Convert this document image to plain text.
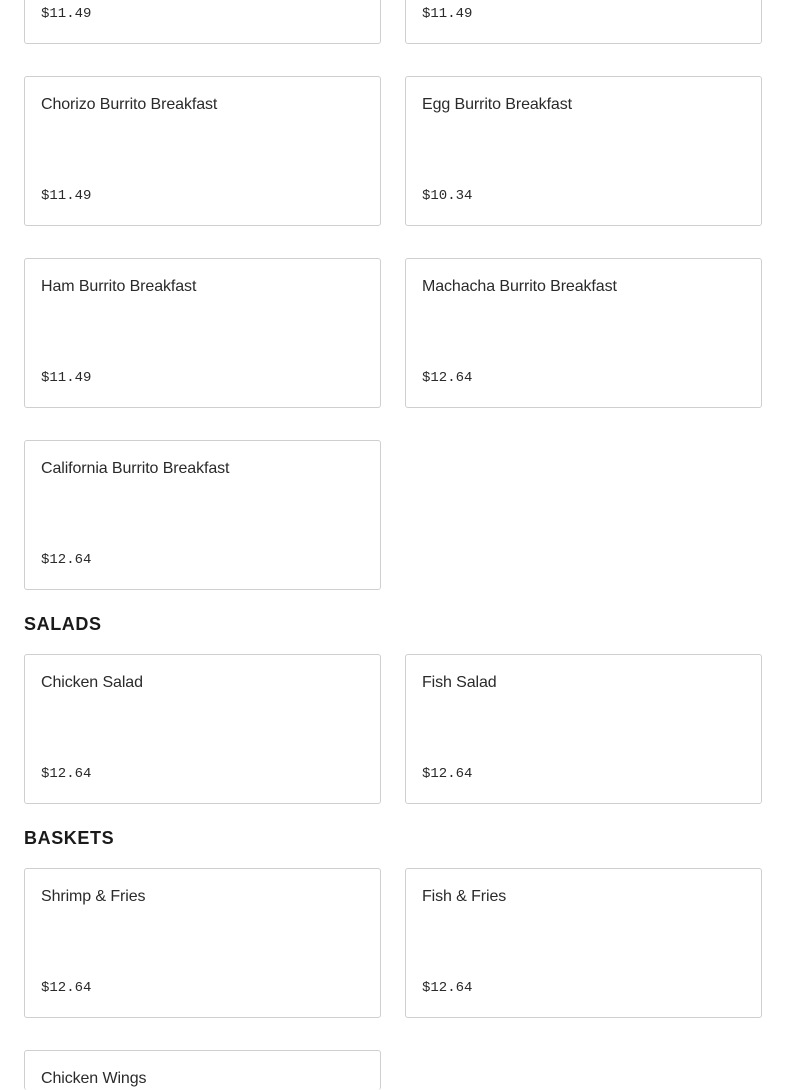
$11.49	$11.49
Chorizo Burrito Breakfast
$11.49
Egg Burrito Breakfast
$10.34
Ham Burrito Breakfast
$11.49
Machacha Burrito Breakfast
$12.64
California Burrito Breakfast
$12.64
SALADS
Chicken Salad
$12.64
Fish Salad
$12.64
BASKETS
Shrimp & Fries
$12.64
Fish & Fries
$12.64
Chicken Wings
